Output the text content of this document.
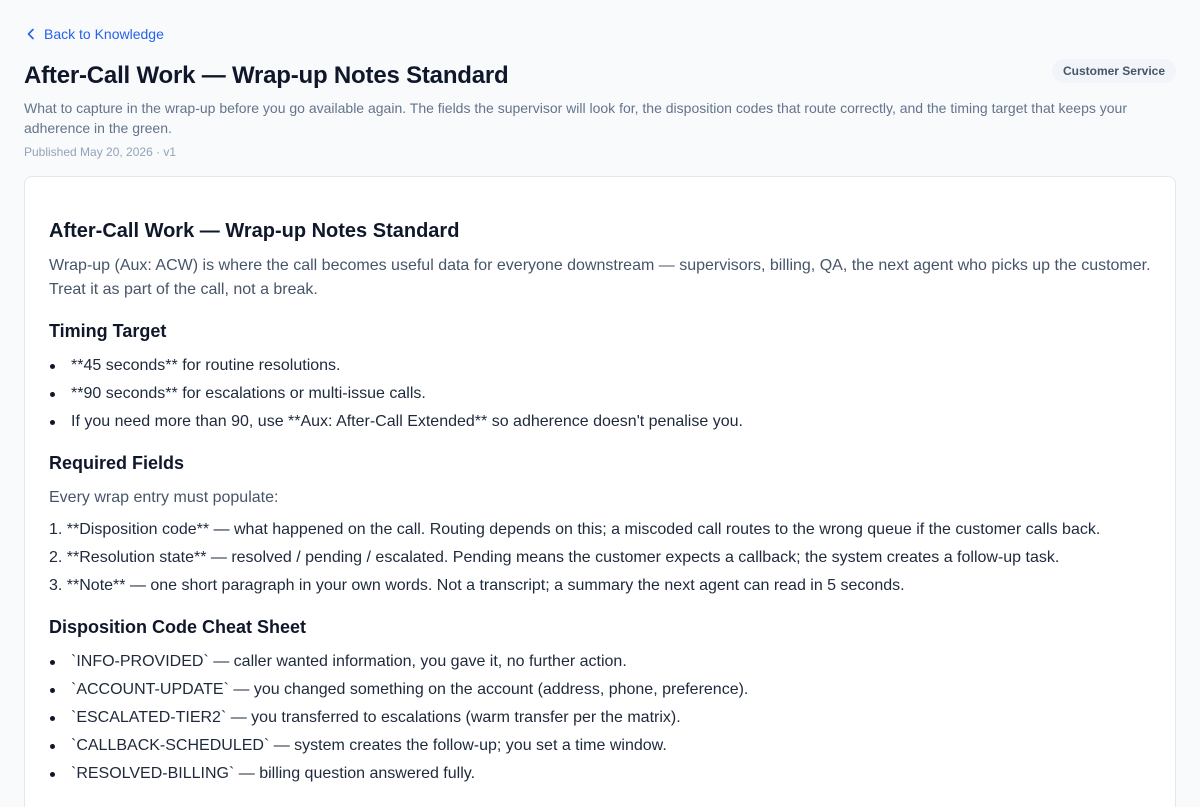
Back to Knowledge
After-Call Work — Wrap-up Notes Standard	Customer Service

What to capture in the wrap-up before you go available again. The fields the supervisor will look for, the disposition codes that route correctly, and the timing target that keeps your adherence in the green.

Published May 20, 2026 · v1

After-Call Work — Wrap-up Notes Standard

Wrap-up (Aux: ACW) is where the call becomes useful data for everyone downstream — supervisors, billing, QA, the next agent who picks up the customer. Treat it as part of the call, not a break.

Timing Target
**45 seconds** for routine resolutions.
**90 seconds** for escalations or multi-issue calls.
If you need more than 90, use **Aux: After-Call Extended** so adherence doesn't penalise you.
Required Fields

Every wrap entry must populate:

1. **Disposition code** — what happened on the call. Routing depends on this; a miscoded call routes to the wrong queue if the customer calls back.

2. **Resolution state** — resolved / pending / escalated. Pending means the customer expects a callback; the system creates a follow-up task.

3. **Note** — one short paragraph in your own words. Not a transcript; a summary the next agent can read in 5 seconds.

Disposition Code Cheat Sheet
`INFO-PROVIDED` — caller wanted information, you gave it, no further action.
`ACCOUNT-UPDATE` — you changed something on the account (address, phone, preference).
`ESCALATED-TIER2` — you transferred to escalations (warm transfer per the matrix).
`CALLBACK-SCHEDULED` — system creates the follow-up; you set a time window.
`RESOLVED-BILLING` — billing question answered fully.
